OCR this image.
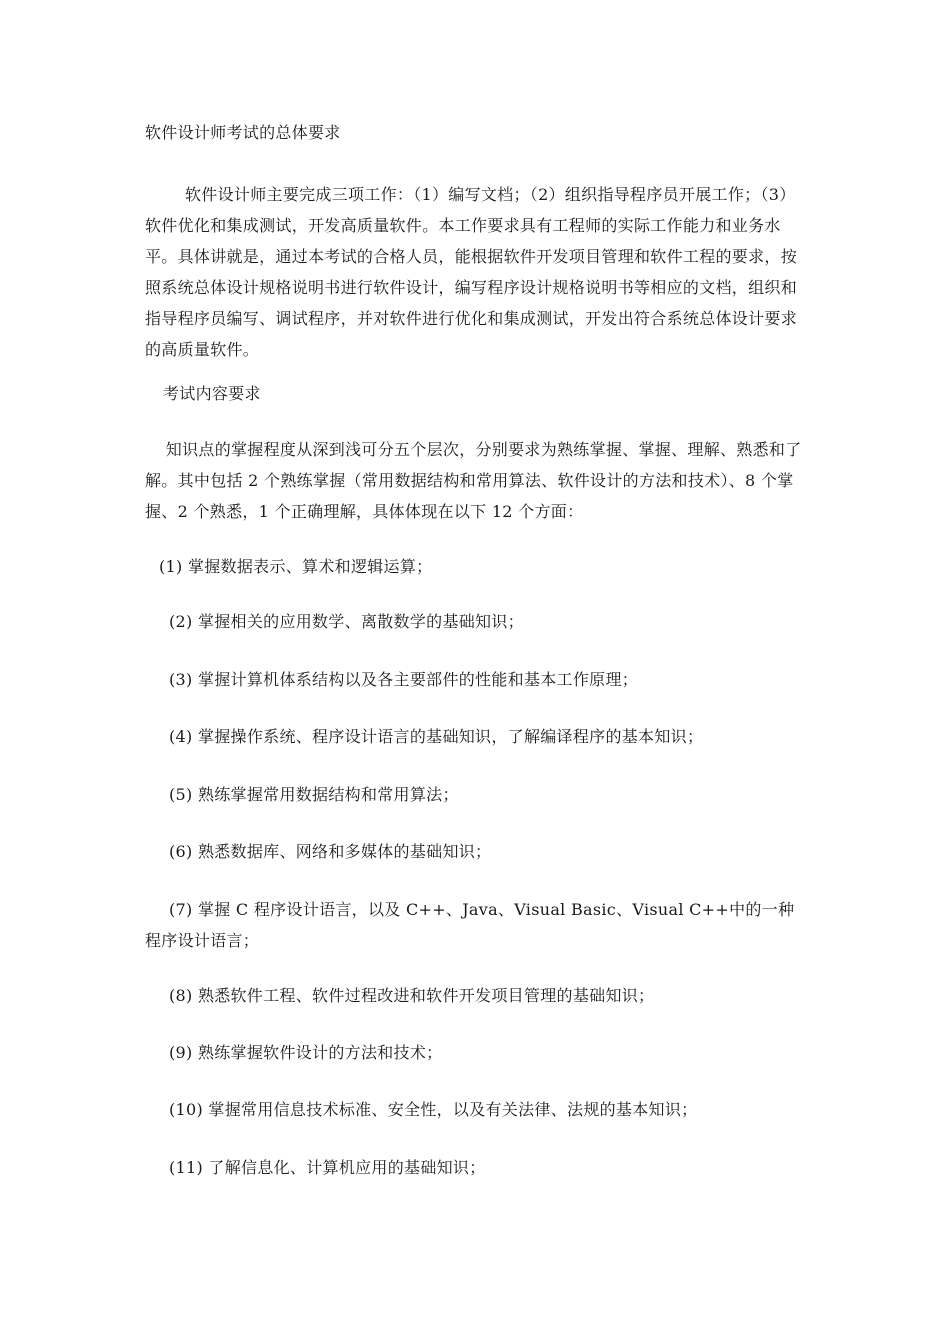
软件设计师考试的总体要求
软件设计师主要完成三项工作：（1）编写文档；（2）组织指导程序员开展工作；（3）软件优化和集成测试，开发高质量软件。本工作要求具有工程师的实际工作能力和业务水平。具体讲就是，通过本考试的合格人员，能根据软件开发项目管理和软件工程的要求，按照系统总体设计规格说明书进行软件设计，编写程序设计规格说明书等相应的文档，组织和指导程序员编写、调试程序，并对软件进行优化和集成测试，开发出符合系统总体设计要求的高质量软件。
考试内容要求
知识点的掌握程度从深到浅可分五个层次，分别要求为熟练掌握、掌握、理解、熟悉和了解。其中包括 2 个熟练掌握（常用数据结构和常用算法、软件设计的方法和技术）、8 个掌握、2 个熟悉，1 个正确理解，具体体现在以下 12 个方面：
(1) 掌握数据表示、算术和逻辑运算；
(2) 掌握相关的应用数学、离散数学的基础知识；
(3) 掌握计算机体系结构以及各主要部件的性能和基本工作原理；
(4) 掌握操作系统、程序设计语言的基础知识，了解编译程序的基本知识；
(5) 熟练掌握常用数据结构和常用算法；
(6) 熟悉数据库、网络和多媒体的基础知识；
(7) 掌握 C 程序设计语言，以及 C++、Java、Visual Basic、Visual C++中的一种程序设计语言；
(8) 熟悉软件工程、软件过程改进和软件开发项目管理的基础知识；
(9) 熟练掌握软件设计的方法和技术；
(10) 掌握常用信息技术标准、安全性，以及有关法律、法规的基本知识；
(11) 了解信息化、计算机应用的基础知识；
